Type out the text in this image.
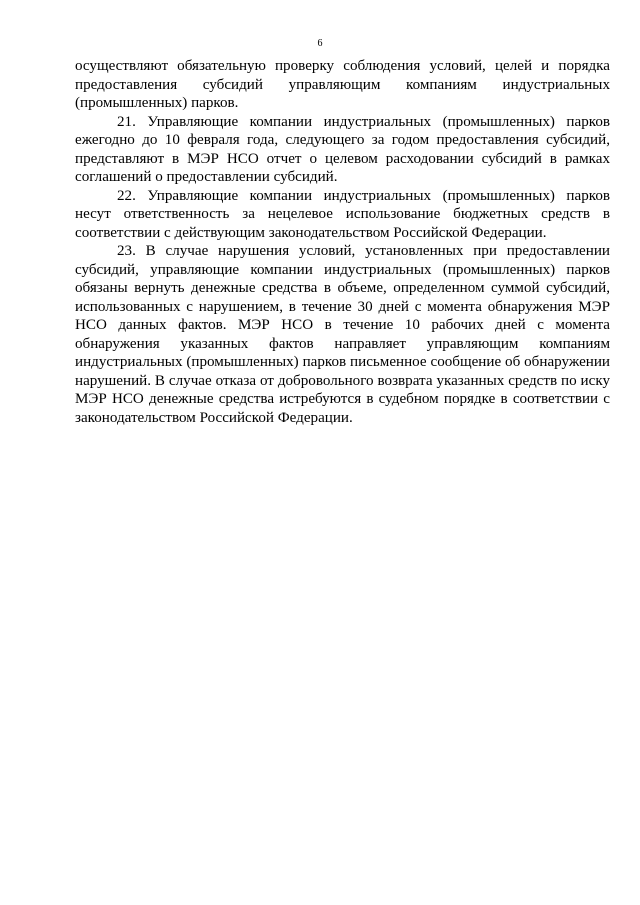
6

осуществляют обязательную проверку соблюдения условий, целей и порядка предоставления субсидий управляющим компаниям индустриальных (промышленных) парков.

21. Управляющие компании индустриальных (промышленных) парков ежегодно до 10 февраля года, следующего за годом предоставления субсидий, представляют в МЭР НСО отчет о целевом расходовании субсидий в рамках соглашений о предоставлении субсидий.

22. Управляющие компании индустриальных (промышленных) парков несут ответственность за нецелевое использование бюджетных средств в соответствии с действующим законодательством Российской Федерации.

23. В случае нарушения условий, установленных при предоставлении субсидий, управляющие компании индустриальных (промышленных) парков обязаны вернуть денежные средства в объеме, определенном суммой субсидий, использованных с нарушением, в течение 30 дней с момента обнаружения МЭР НСО данных фактов. МЭР НСО в течение 10 рабочих дней с момента обнаружения указанных фактов направляет управляющим компаниям индустриальных (промышленных) парков письменное сообщение об обнаружении нарушений. В случае отказа от добровольного возврата указанных средств по иску МЭР НСО денежные средства истребуются в судебном порядке в соответствии с законодательством Российской Федерации.
